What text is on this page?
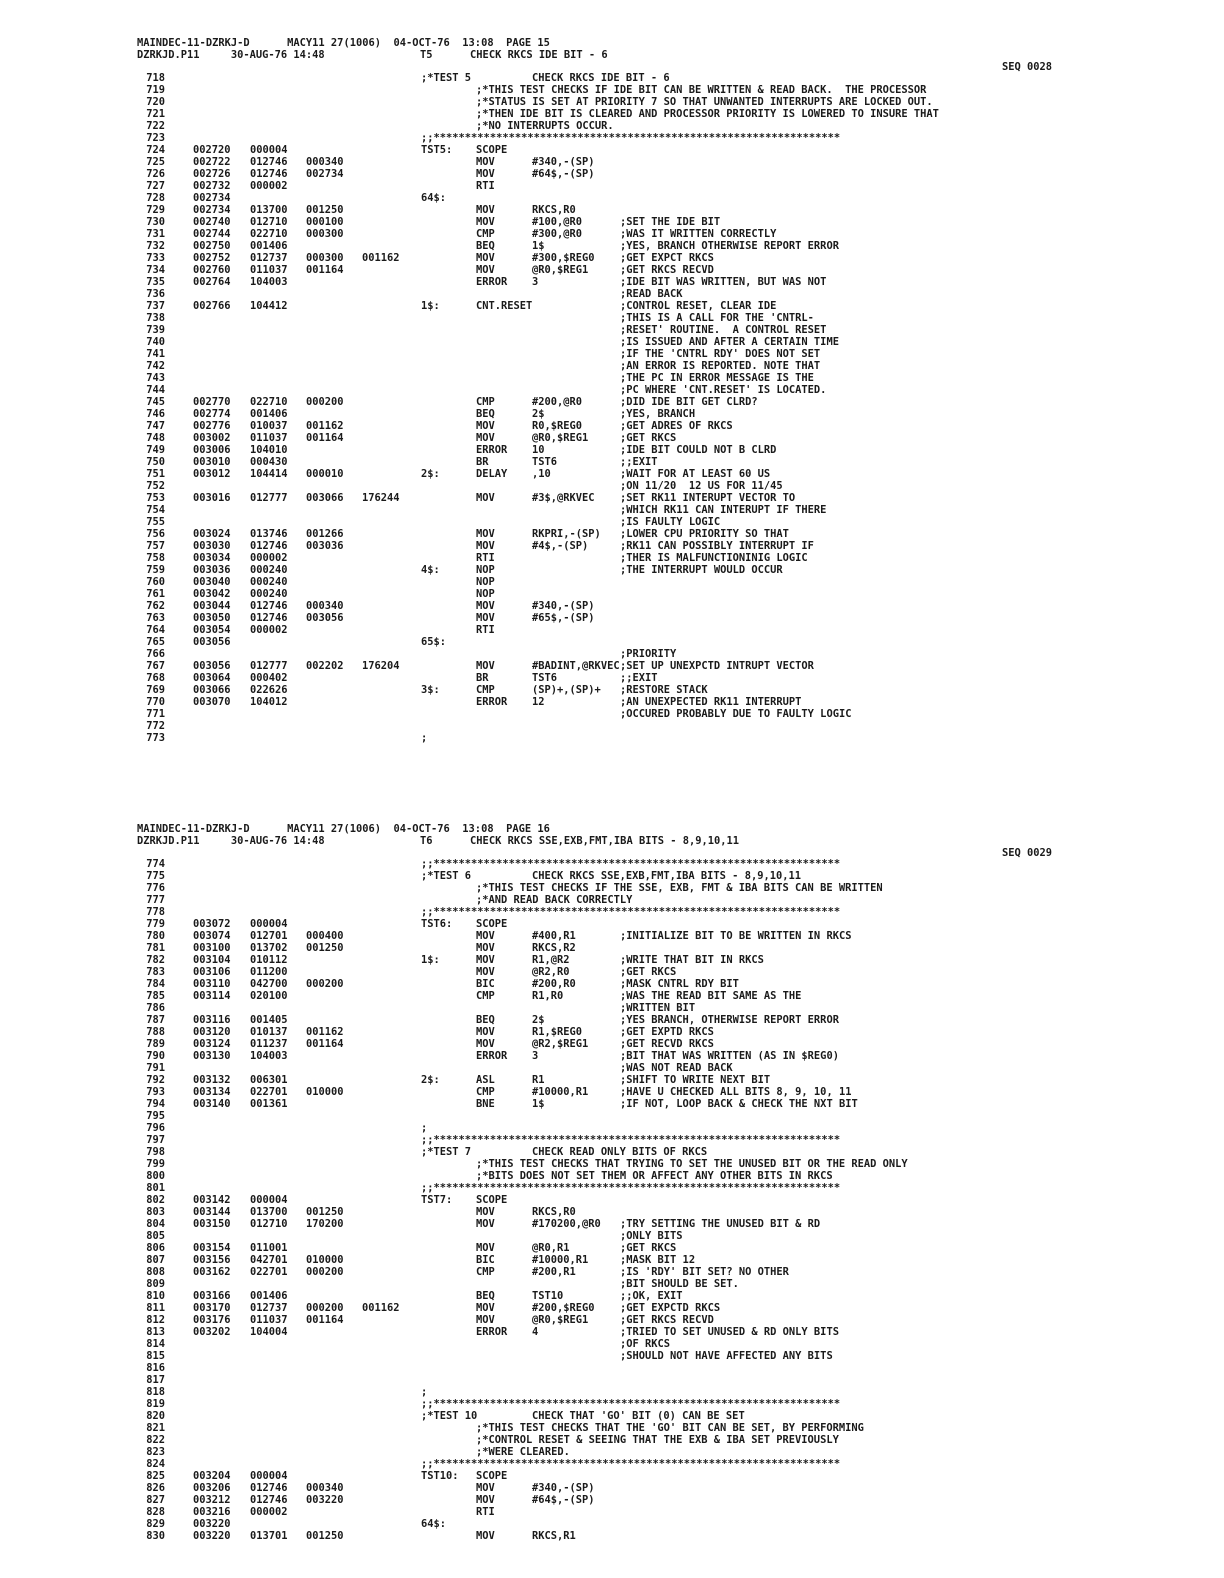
MAINDEC-11-DZRKJ-D      MACY11 27(1006)  04-OCT-76  13:08  PAGE 15
DZRKJD.P11     30-AUG-76 14:48	T5      CHECK RKCS IDE BIT - 6
SEQ 0028
718	;*TEST 5	CHECK RKCS IDE BIT - 6
719	;*THIS TEST CHECKS IF IDE BIT CAN BE WRITTEN & READ BACK.  THE PROCESSOR
720	;*STATUS IS SET AT PRIORITY 7 SO THAT UNWANTED INTERRUPTS ARE LOCKED OUT.
721	;*THEN IDE BIT IS CLEARED AND PROCESSOR PRIORITY IS LOWERED TO INSURE THAT
722	;*NO INTERRUPTS OCCUR.
723	;;*****************************************************************
724	002720 000004	TST5: SCOPE
725	002722 012746 000340	MOV	#340,-(SP)
726	002726 012746 002734	MOV	#64$,-(SP)
727	002732 000002	RTI
728	002734	64$:
729	002734 013700 001250	MOV	RKCS,R0
730	002740 012710 000100	MOV	#100,@R0	;SET THE IDE BIT
731	002744 022710 000300	CMP	#300,@R0	;WAS IT WRITTEN CORRECTLY
732	002750 001406	BEQ	1$	;YES, BRANCH OTHERWISE REPORT ERROR
733	002752 012737 000300 001162	MOV	#300,$REG0 ;GET EXPCT RKCS
734	002760 011037 001164	MOV	@R0,$REG1	;GET RKCS RECVD
735	002764 104003	ERROR 3	;IDE BIT WAS WRITTEN, BUT WAS NOT
736	;READ BACK
737	002766 104412	1$:	CNT.RESET	;CONTROL RESET, CLEAR IDE
738	;THIS IS A CALL FOR THE 'CNTRL-
739	;RESET' ROUTINE.  A CONTROL RESET
740	;IS ISSUED AND AFTER A CERTAIN TIME
741	;IF THE 'CNTRL RDY' DOES NOT SET
742	;AN ERROR IS REPORTED. NOTE THAT
743	;THE PC IN ERROR MESSAGE IS THE
744	;PC WHERE 'CNT.RESET' IS LOCATED.
745	002770 022710 000200	CMP	#200,@R0	;DID IDE BIT GET CLRD?
746	002774 001406	BEQ	2$	;YES, BRANCH
747	002776 010037 001162	MOV	R0,$REG0	;GET ADRES OF RKCS
748	003002 011037 001164	MOV	@R0,$REG1	;GET RKCS
749	003006 104010	ERROR 10	;IDE BIT COULD NOT B CLRD
750	003010 000430	BR	TST6	;;EXIT
751	003012 104414 000010	2$:	DELAY ,10	;WAIT FOR AT LEAST 60 US
752	;ON 11/20  12 US FOR 11/45
753	003016 012777 003066 176244	MOV	#3$,@RKVEC ;SET RK11 INTERUPT VECTOR TO
754	;WHICH RK11 CAN INTERUPT IF THERE
755	;IS FAULTY LOGIC
756	003024 013746 001266	MOV	RKPRI,-(SP) ;LOWER CPU PRIORITY SO THAT
757	003030 012746 003036	MOV	#4$,-(SP)	;RK11 CAN POSSIBLY INTERRUPT IF
758	003034 000002	RTI	;THER IS MALFUNCTIONINIG LOGIC
759	003036 000240	4$:	NOP	;THE INTERRUPT WOULD OCCUR
760	003040 000240	NOP
761	003042 000240	NOP
762	003044 012746 000340	MOV	#340,-(SP)
763	003050 012746 003056	MOV	#65$,-(SP)
764	003054 000002	RTI
765	003056	65$:
766	;PRIORITY
767	003056 012777 002202 176204	MOV	#BADINT,@RKVEC ;SET UP UNEXPCTD INTRUPT VECTOR
768	003064 000402	BR	TST6	;;EXIT
769	003066 022626	3$:	CMP	(SP)+,(SP)+ ;RESTORE STACK
770	003070 104012	ERROR 12	;AN UNEXPECTED RK11 INTERRUPT
771	;OCCURED PROBABLY DUE TO FAULTY LOGIC
772
773	;
MAINDEC-11-DZRKJ-D      MACY11 27(1006)  04-OCT-76  13:08  PAGE 16
DZRKJD.P11     30-AUG-76 14:48	T6      CHECK RKCS SSE,EXB,FMT,IBA BITS - 8,9,10,11
SEQ 0029
774	;;*****************************************************************
775	;*TEST 6	CHECK RKCS SSE,EXB,FMT,IBA BITS - 8,9,10,11
776	;*THIS TEST CHECKS IF THE SSE, EXB, FMT & IBA BITS CAN BE WRITTEN
777	;*AND READ BACK CORRECTLY
778	;;*****************************************************************
779	003072 000004	TST6: SCOPE
780	003074 012701 000400	MOV	#400,R1	;INITIALIZE BIT TO BE WRITTEN IN RKCS
781	003100 013702 001250	MOV	RKCS,R2
782	003104 010112	1$:	MOV	R1,@R2	;WRITE THAT BIT IN RKCS
783	003106 011200	MOV	@R2,R0	;GET RKCS
784	003110 042700 000200	BIC	#200,R0	;MASK CNTRL RDY BIT
785	003114 020100	CMP	R1,R0	;WAS THE READ BIT SAME AS THE
786	;WRITTEN BIT
787	003116 001405	BEQ	2$	;YES BRANCH, OTHERWISE REPORT ERROR
788	003120 010137 001162	MOV	R1,$REG0	;GET EXPTD RKCS
789	003124 011237 001164	MOV	@R2,$REG1	;GET RECVD RKCS
790	003130 104003	ERROR 3	;BIT THAT WAS WRITTEN (AS IN $REG0)
791	;WAS NOT READ BACK
792	003132 006301	2$:	ASL	R1	;SHIFT TO WRITE NEXT BIT
793	003134 022701 010000	CMP	#10000,R1	;HAVE U CHECKED ALL BITS 8, 9, 10, 11
794	003140 001361	BNE	1$	;IF NOT, LOOP BACK & CHECK THE NXT BIT
795
796	;
797	;;*****************************************************************
798	;*TEST 7	CHECK READ ONLY BITS OF RKCS
799	;*THIS TEST CHECKS THAT TRYING TO SET THE UNUSED BIT OR THE READ ONLY
800	;*BITS DOES NOT SET THEM OR AFFECT ANY OTHER BITS IN RKCS
801	;;*****************************************************************
802	003142 000004	TST7: SCOPE
803	003144 013700 001250	MOV	RKCS,R0
804	003150 012710 170200	MOV	#170200,@R0 ;TRY SETTING THE UNUSED BIT & RD
805	;ONLY BITS
806	003154 011001	MOV	@R0,R1	;GET RKCS
807	003156 042701 010000	BIC	#10000,R1	;MASK BIT 12
808	003162 022701 000200	CMP	#200,R1	;IS 'RDY' BIT SET? NO OTHER
809	;BIT SHOULD BE SET.
810	003166 001406	BEQ	TST10	;;OK, EXIT
811	003170 012737 000200 001162	MOV	#200,$REG0 ;GET EXPCTD RKCS
812	003176 011037 001164	MOV	@R0,$REG1	;GET RKCS RECVD
813	003202 104004	ERROR 4	;TRIED TO SET UNUSED & RD ONLY BITS
814	;OF RKCS
815	;SHOULD NOT HAVE AFFECTED ANY BITS
816
817
818	;
819	;;*****************************************************************
820	;*TEST 10	CHECK THAT 'GO' BIT (0) CAN BE SET
821	;*THIS TEST CHECKS THAT THE 'GO' BIT CAN BE SET, BY PERFORMING
822	;*CONTROL RESET & SEEING THAT THE EXB & IBA SET PREVIOUSLY
823	;*WERE CLEARED.
824	;;*****************************************************************
825	003204 000004	TST10: SCOPE
826	003206 012746 000340	MOV	#340,-(SP)
827	003212 012746 003220	MOV	#64$,-(SP)
828	003216 000002	RTI
829	003220	64$:
830	003220 013701 001250	MOV	RKCS,R1
